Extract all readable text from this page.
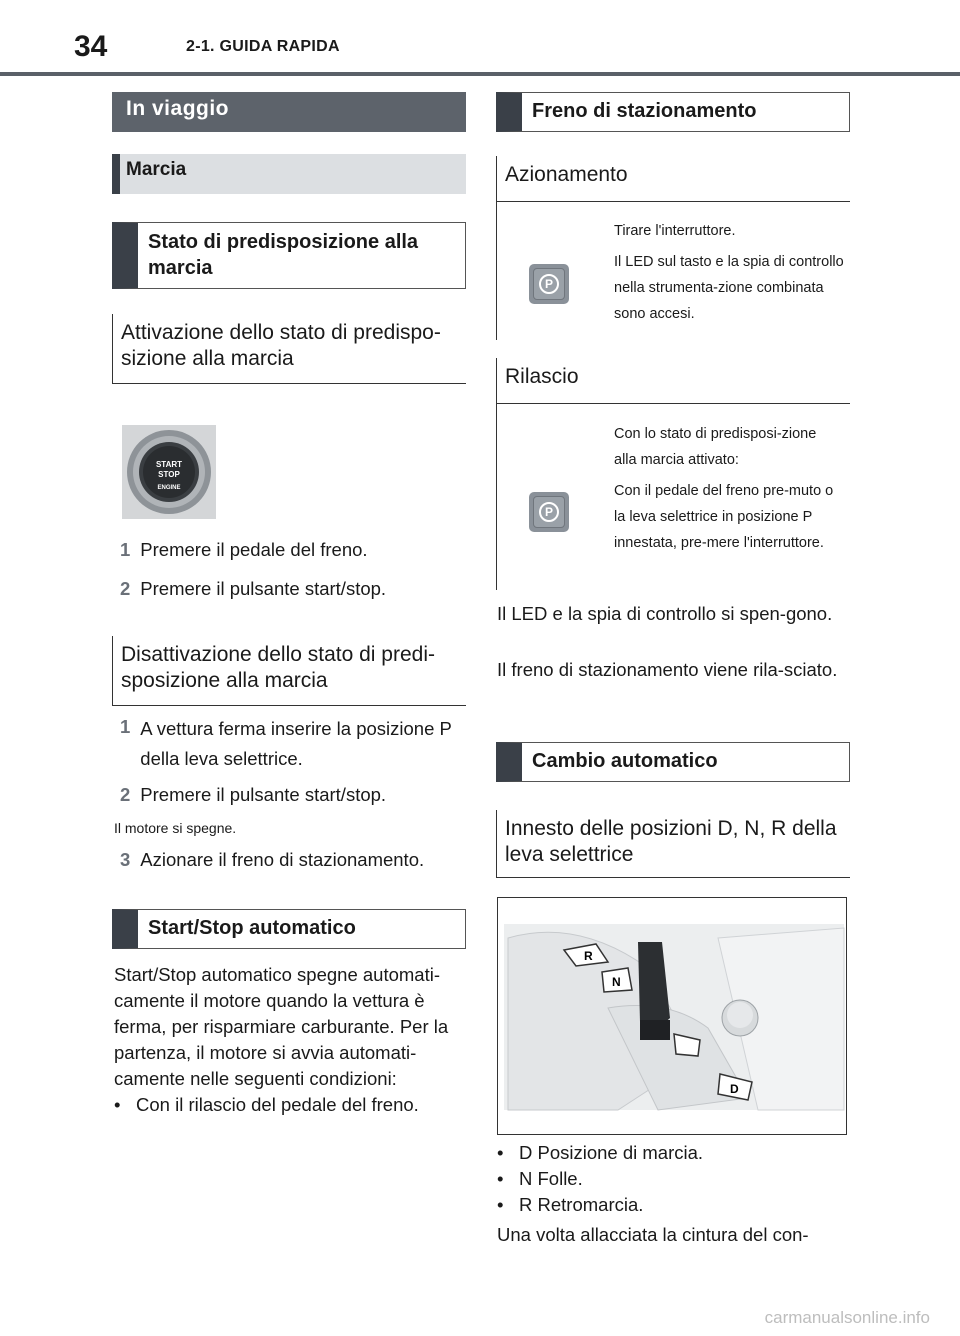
34	2-1. GUIDA RAPIDA
In viaggio
Marcia
Stato di predisposizione alla marcia
Attivazione dello stato di predispo-sizione alla marcia
START
STOP
ENGINE
1 Premere il pedale del freno.
2 Premere il pulsante start/stop.
Disattivazione dello stato di predi-sposizione alla marcia
1 A vettura ferma inserire la posizione P della leva selettrice.
2 Premere il pulsante start/stop.
Il motore si spegne.
3 Azionare il freno di stazionamento.
Start/Stop automatico
Start/Stop automatico spegne automati-camente il motore quando la vettura è ferma, per risparmiare carburante. Per la partenza, il motore si avvia automati-camente nelle seguenti condizioni:
• Con il rilascio del pedale del freno.
Freno di stazionamento
Azionamento
P
Tirare l'interruttore.
Il LED sul tasto e la spia di controllo nella strumenta-zione combinata sono accesi.
Rilascio
P
Con lo stato di predisposi-zione alla marcia attivato:
Con il pedale del freno pre-muto o la leva selettrice in posizione P innestata, pre-mere l'interruttore.
Il LED e la spia di controllo si spen-gono.
Il freno di stazionamento viene rila-sciato.
Cambio automatico
Innesto delle posizioni D, N, R della leva selettrice
R
N
D
• D Posizione di marcia.
• N Folle.
• R Retromarcia.
Una volta allacciata la cintura del con-
carmanualsonline.info
